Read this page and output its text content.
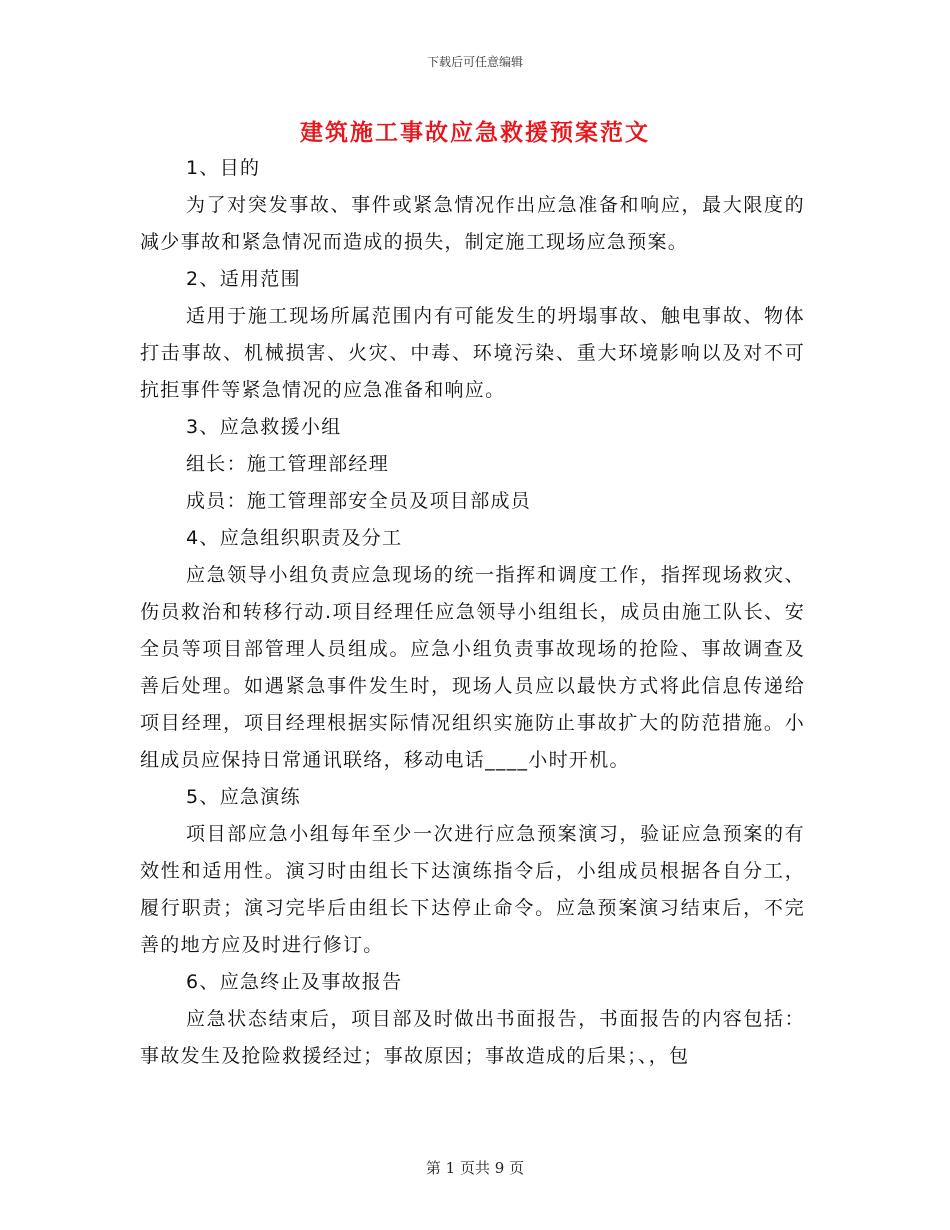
下载后可任意编辑
建筑施工事故应急救援预案范文

1、目的

为了对突发事故、事件或紧急情况作出应急准备和响应，最大限度的减少事故和紧急情况而造成的损失，制定施工现场应急预案。

2、适用范围

适用于施工现场所属范围内有可能发生的坍塌事故、触电事故、物体打击事故、机械损害、火灾、中毒、环境污染、重大环境影响以及对不可抗拒事件等紧急情况的应急准备和响应。

3、应急救援小组

组长：施工管理部经理

成员：施工管理部安全员及项目部成员

4、应急组织职责及分工

应急领导小组负责应急现场的统一指挥和调度工作，指挥现场救灾、伤员救治和转移行动.项目经理任应急领导小组组长，成员由施工队长、安全员等项目部管理人员组成。应急小组负责事故现场的抢险、事故调查及善后处理。如遇紧急事件发生时，现场人员应以最快方式将此信息传递给项目经理，项目经理根据实际情况组织实施防止事故扩大的防范措施。小组成员应保持日常通讯联络，移动电话____小时开机。

5、应急演练

项目部应急小组每年至少一次进行应急预案演习，验证应急预案的有效性和适用性。演习时由组长下达演练指令后，小组成员根据各自分工，履行职责；演习完毕后由组长下达停止命令。应急预案演习结束后，不完善的地方应及时进行修订。

6、应急终止及事故报告

应急状态结束后，项目部及时做出书面报告，书面报告的内容包括：事故发生及抢险救援经过；事故原因；事故造成的后果；、，包

第 1 页共 9 页
